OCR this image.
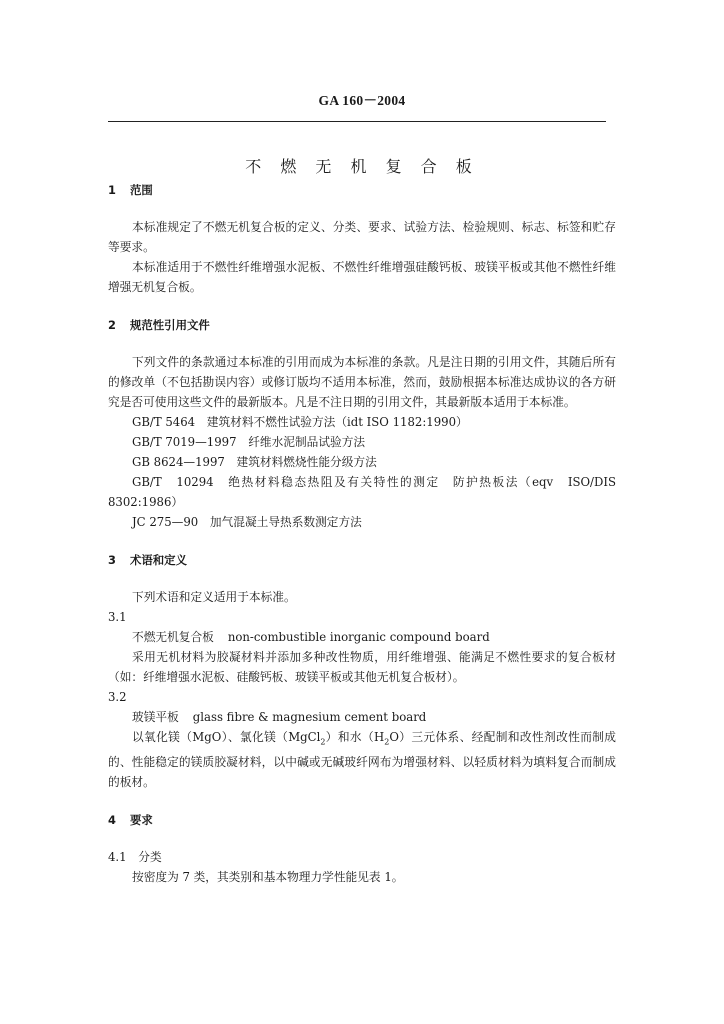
GA 160－2004
不 燃 无 机 复 合 板
1 范围

本标准规定了不燃无机复合板的定义、分类、要求、试验方法、检验规则、标志、标签和贮存等要求。

本标准适用于不燃性纤维增强水泥板、不燃性纤维增强硅酸钙板、玻镁平板或其他不燃性纤维增强无机复合板。

2 规范性引用文件

下列文件的条款通过本标准的引用而成为本标准的条款。凡是注日期的引用文件，其随后所有的修改单（不包括勘误内容）或修订版均不适用本标准，然而，鼓励根据本标准达成协议的各方研究是否可使用这些文件的最新版本。凡是不注日期的引用文件，其最新版本适用于本标准。

GB/T 5464　建筑材料不燃性试验方法（idt ISO 1182:1990）

GB/T 7019—1997　纤维水泥制品试验方法

GB 8624—1997　建筑材料燃烧性能分级方法

GB/T　10294　绝热材料稳态热阻及有关特性的测定　防护热板法（eqv　ISO/DIS 8302:1986）

JC 275—90　加气混凝土导热系数测定方法

3 术语和定义

下列术语和定义适用于本标准。

3.1

不燃无机复合板 non-combustible inorganic compound board

采用无机材料为胶凝材料并添加多种改性物质，用纤维增强、能满足不燃性要求的复合板材（如：纤维增强水泥板、硅酸钙板、玻镁平板或其他无机复合板材）。

3.2

玻镁平板 glass fibre & magnesium cement board

以氧化镁（MgO）、氯化镁（MgCl$_2$）和水$(H_2O)$三元体系、经配制和改性剂改性而制成的、性能稳定的镁质胶凝材料，以中碱或无碱玻纤网布为增强材料、以轻质材料为填料复合而制成的板材。

4 要求

4.1　 分类

按密度为 7 类，其类别和基本物理力学性能见表 1。
